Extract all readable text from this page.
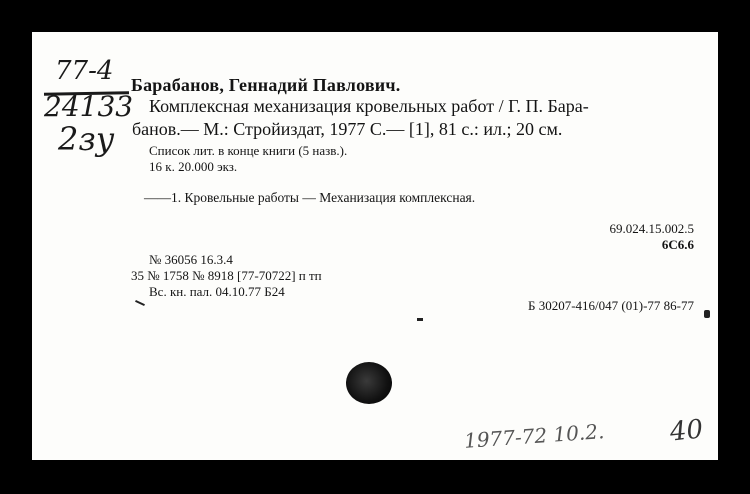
77-4
24133
2зу
Барабанов, Геннадий Павлович.
Комплексная механизация кровельных работ / Г. П. Бара-
банов.— М.: Стройиздат, 1977 С.— [1], 81 с.: ил.; 20 см.
Список лит. в конце книги (5 назв.).
16 к. 20.000 экз.
——1. Кровельные работы — Механизация комплексная.
69.024.15.002.5
6С6.6
№ 36056 16.3.4
35 № 1758 № 8918 [77-70722] п тп
Вс. кн. пал. 04.10.77 Б24
Б 30207-416/047 (01)-77 86-77
1977-72 10.2. 40
